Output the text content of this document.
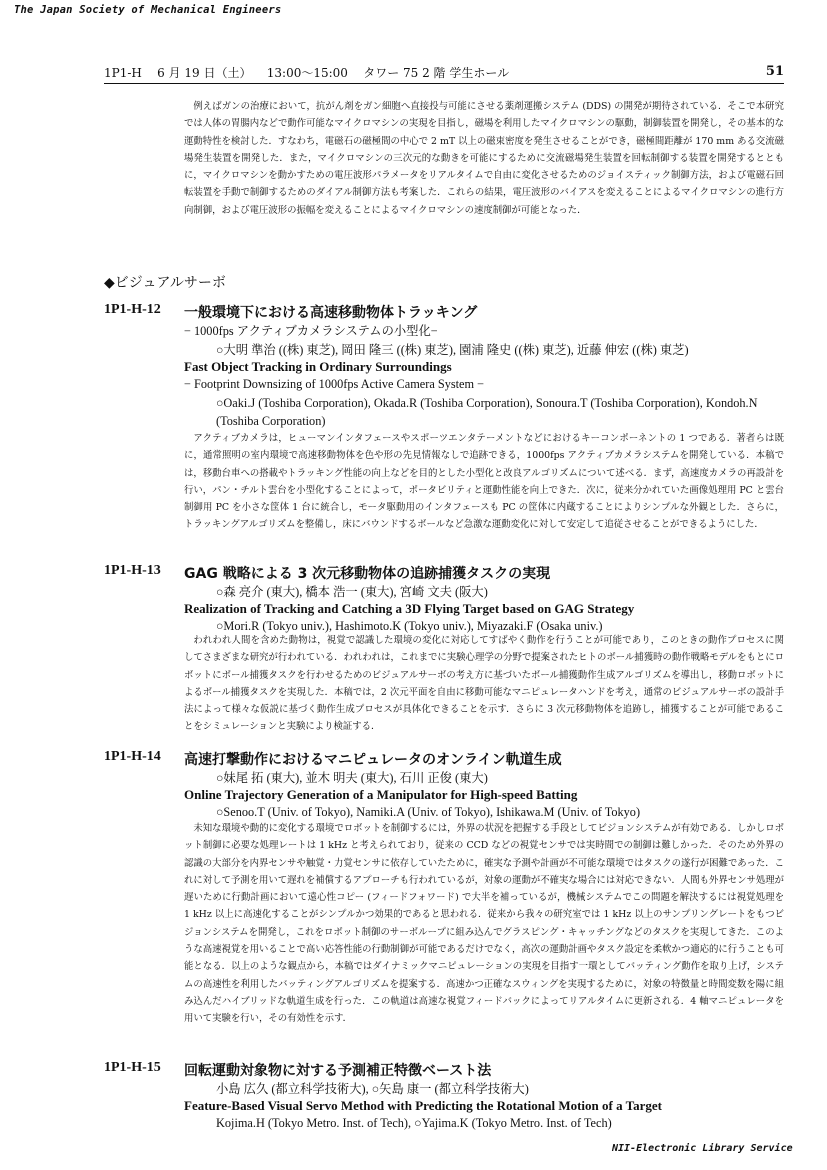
The Japan Society of Mechanical Engineers
1P1-H 6 月 19 日（土） 13:00〜15:00 タワー 75 2 階 学生ホール	51
例えばガンの治療において，抗がん剤をガン細胞へ直接投与可能にさせる薬剤運搬システム (DDS) の開発が期待されている．そこで本研究では人体の胃腸内などで動作可能なマイクロマシンの実現を目指し，磁場を利用したマイクロマシンの駆動，制御装置を開発し，その基本的な運動特性を検討した．すなわち，電磁石の磁極間の中心で 2 mT 以上の磁束密度を発生させることができ，磁極間距離が 170 mm ある交流磁場発生装置を開発した．また，マイクロマシンの三次元的な動きを可能にするために交流磁場発生装置を回転制御する装置を開発するとともに，マイクロマシンを動かすための電圧波形パラメータをリアルタイムで自由に変化させるためのジョイスティック制御方法，および電磁石回転装置を手動で制御するためのダイアル制御方法も考案した．これらの結果，電圧波形のバイアスを変えることによるマイクロマシンの進行方向制御，および電圧波形の振幅を変えることによるマイクロマシンの速度制御が可能となった．
◆ビジュアルサーボ
1P1-H-12 一般環境下における高速移動物体トラッキング
− 1000fps アクティブカメラシステムの小型化−
○大明 準治 ((株) 東芝), 岡田 隆三 ((株) 東芝), 園浦 隆史 ((株) 東芝), 近藤 伸宏 ((株) 東芝)
Fast Object Tracking in Ordinary Surroundings
− Footprint Downsizing of 1000fps Active Camera System −
○Oaki.J (Toshiba Corporation), Okada.R (Toshiba Corporation), Sonoura.T (Toshiba Corporation), Kondoh.N (Toshiba Corporation)
アクティブカメラは，ヒューマンインタフェースやスポーツエンタテーメントなどにおけるキーコンポーネントの 1 つである．著者らは既に，通常照明の室内環境で高速移動物体を色や形の先見情報なしで追跡できる，1000fps アクティブカメラシステムを開発している．本稿では，移動台車への搭載やトラッキング性能の向上などを目的とした小型化と改良アルゴリズムについて述べる．まず，高速度カメラの再設計を行い，パン・チルト雲台を小型化することによって，ポータビリティと運動性能を向上できた．次に，従来分かれていた画像処理用 PC と雲台制御用 PC を小さな筐体 1 台に統合し，モータ駆動用のインタフェースも PC の筐体に内蔵することによりシンプルな外観とした．さらに，トラッキングアルゴリズムを整備し，床にバウンドするボールなど急激な運動変化に対して安定して追従させることができるようにした．
1P1-H-13 GAG 戦略による 3 次元移動物体の追跡捕獲タスクの実現
○森 亮介 (東大), 橋本 浩一 (東大), 宮崎 文夫 (阪大)
Realization of Tracking and Catching a 3D Flying Target based on GAG Strategy
○Mori.R (Tokyo univ.), Hashimoto.K (Tokyo univ.), Miyazaki.F (Osaka univ.)
われわれ人間を含めた動物は，視覚で認識した環境の変化に対応してすばやく動作を行うことが可能であり，このときの動作プロセスに関してさまざまな研究が行われている．われわれは，これまでに実験心理学の分野で提案されたヒトのボール捕獲時の動作戦略モデルをもとにロボットにボール捕獲タスクを行わせるためのビジュアルサーボの考え方に基づいたボール捕獲動作生成アルゴリズムを導出し，移動ロボットによるボール捕獲タスクを実現した．本稿では，2 次元平面を自由に移動可能なマニピュレータハンドを考え，通常のビジュアルサーボの設計手法によって様々な仮説に基づく動作生成プロセスが具体化できることを示す．さらに 3 次元移動物体を追跡し，捕獲することが可能であることをシミュレーションと実験により検証する．
1P1-H-14 高速打撃動作におけるマニピュレータのオンライン軌道生成
○妹尾 拓 (東大), 並木 明夫 (東大), 石川 正俊 (東大)
Online Trajectory Generation of a Manipulator for High-speed Batting
○Senoo.T (Univ. of Tokyo), Namiki.A (Univ. of Tokyo), Ishikawa.M (Univ. of Tokyo)
未知な環境や動的に変化する環境でロボットを制御するには，外界の状況を把握する手段としてビジョンシステムが有効である．しかしロボット制御に必要な処理レートは 1 kHz と考えられており，従来の CCD などの視覚センサでは実時間での制御は難しかった．そのため外界の認識の大部分を内界センサや触覚・力覚センサに依存していたために，確実な予測や計画が不可能な環境ではタスクの遂行が困難であった．これに対して予測を用いて遅れを補償するアプローチも行われているが，対象の運動が不確実な場合には対応できない．人間も外界センサ処理が遅いために行動計画において遠心性コピー (フィードフォワード) で大半を補っているが，機械システムでこの問題を解決するには視覚処理を 1 kHz 以上に高速化することがシンプルかつ効果的であると思われる．従来から我々の研究室では 1 kHz 以上のサンプリングレートをもつビジョンシステムを開発し，これをロボット制御のサーボループに組み込んでグラスピング・キャッチングなどのタスクを実現してきた．このような高速視覚を用いることで高い応答性能の行動制御が可能であるだけでなく，高次の運動計画やタスク設定を柔軟かつ適応的に行うことも可能となる．以上のような観点から，本稿ではダイナミックマニピュレーションの実現を目指す一環としてバッティング動作を取り上げ，システムの高速性を利用したバッティングアルゴリズムを提案する．高速かつ正確なスウィングを実現するために，対象の特徴量と時間変数を陽に組み込んだハイブリッドな軌道生成を行った．この軌道は高速な視覚フィードバックによってリアルタイムに更新される．4 軸マニピュレータを用いて実験を行い，その有効性を示す．
1P1-H-15 回転運動対象物に対する予測補正特徴ベースト法
小島 広久 (都立科学技術大), ○矢島 康一 (都立科学技術大)
Feature-Based Visual Servo Method with Predicting the Rotational Motion of a Target
Kojima.H (Tokyo Metro. Inst. of Tech), ○Yajima.K (Tokyo Metro. Inst. of Tech)
NII-Electronic Library Service
